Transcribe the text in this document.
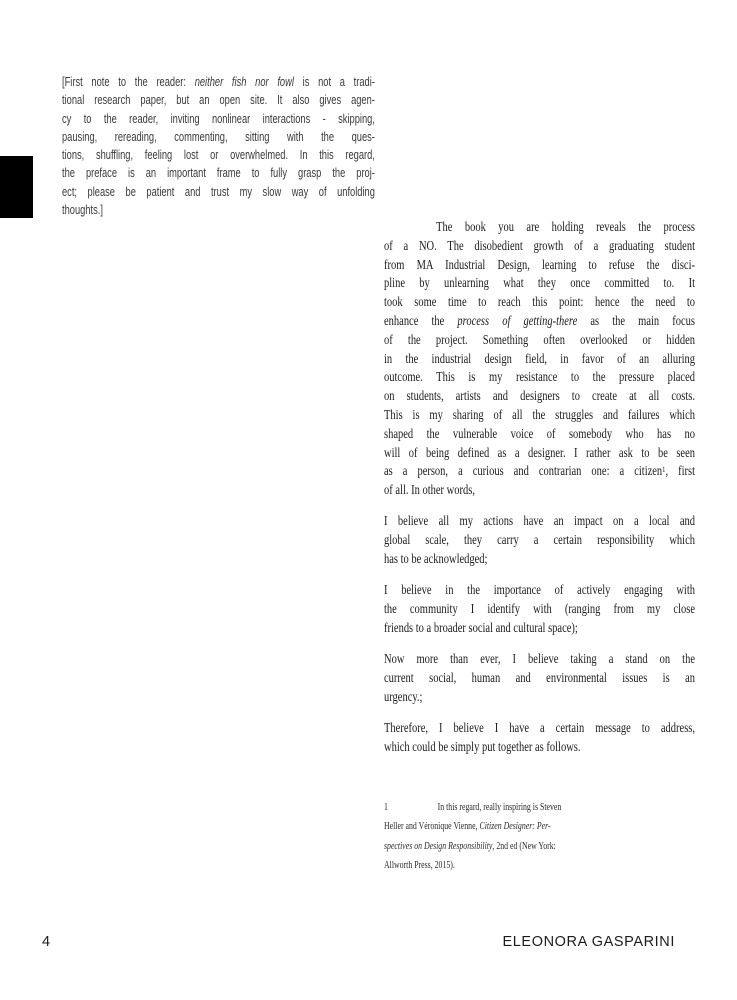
[First note to the reader: neither fish nor fowl is not a tradi-
tional research paper, but an open site. It also gives agen-
cy to the reader, inviting nonlinear interactions - skipping,
pausing, rereading, commenting, sitting with the ques-
tions, shuffling, feeling lost or overwhelmed. In this regard,
the preface is an important frame to fully grasp the proj-
ect; please be patient and trust my slow way of unfolding
thoughts.]
The book you are holding reveals the process
of a NO. The disobedient growth of a graduating student
from MA Industrial Design, learning to refuse the disci-
pline by unlearning what they once committed to. It
took some time to reach this point: hence the need to
enhance the process of getting-there as the main focus
of the project. Something often overlooked or hidden
in the industrial design field, in favor of an alluring
outcome. This is my resistance to the pressure placed
on students, artists and designers to create at all costs.
This is my sharing of all the struggles and failures which
shaped the vulnerable voice of somebody who has no
will of being defined as a designer. I rather ask to be seen
as a person, a curious and contrarian one: a citizen$^1$, first
of all. In other words,
I believe all my actions have an impact on a local and
global scale, they carry a certain responsibility which
has to be acknowledged;
I believe in the importance of actively engaging with
the community I identify with (ranging from my close
friends to a broader social and cultural space);
Now more than ever, I believe taking a stand on the
current social, human and environmental issues is an
urgency.;
Therefore, I believe I have a certain message to address,
which could be simply put together as follows.
1	In this regard, really inspiring is Steven
Heller and Véronique Vienne, Citizen Designer: Per-
spectives on Design Responsibility, 2nd ed (New York:
Allworth Press, 2015).
4	ELEONORA GASPARINI
